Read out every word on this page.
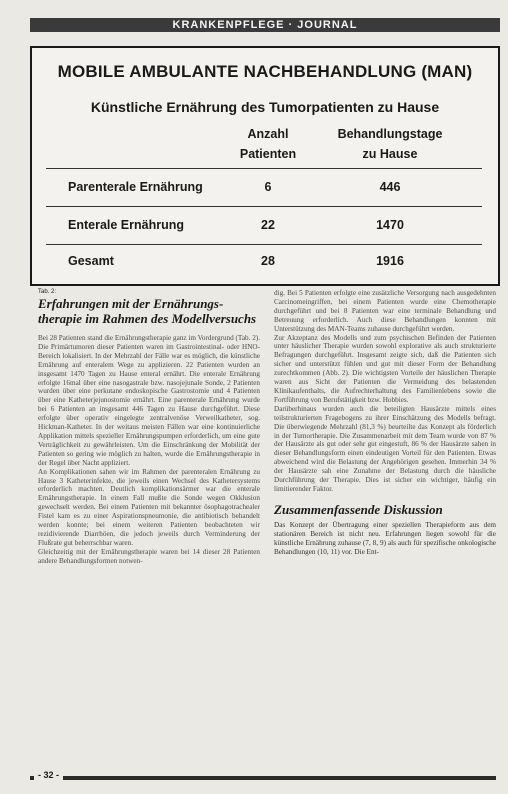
KRANKENPFLEGE · JOURNAL
MOBILE AMBULANTE NACHBEHANDLUNG (MAN)
Künstliche Ernährung des Tumorpatienten zu Hause
Anzahl
Patienten
Behandlungstage
zu Hause
Parenterale Ernährung	6	446
Enterale Ernährung	22	1470
Gesamt	28	1916
Tab. 2:
Erfahrungen mit der Ernährungstherapie im Rahmen des Modellversuchs

Bei 28 Patienten stand die Ernährungstherapie ganz im Vordergrund (Tab. 2). Die Primärtumoren dieser Patienten waren im Gastrointestinal- oder HNO-Bereich lokalisiert. In der Mehrzahl der Fälle war es möglich, die künstliche Ernährung auf enteralem Wege zu applizieren. 22 Patienten wurden an insgesamt 1470 Tagen zu Hause enteral ernährt. Die enterale Ernährung erfolgte 16mal über eine nasogastrale bzw. nasojejunale Sonde, 2 Patienten wurden über eine perkutane endoskopische Gastrostomie und 4 Patienten über eine Katheterjejunostomie ernährt. Eine parenterale Ernährung wurde bei 6 Patienten an insgesamt 446 Tagen zu Hause durchgeführt. Diese erfolgte über operativ eingelegte zentralvenöse Verweilkatheter, sog. Hickman-Katheter. In der weitaus meisten Fällen war eine kontinuierliche Applikation mittels spezieller Ernährungspumpen erforderlich, um eine gute Verträglichkeit zu gewährleisten. Um die Einschränkung der Mobilität der Patienten so gering wie möglich zu halten, wurde die Ernährungstherapie in der Regel über Nacht appliziert.

An Komplikationen sahen wir im Rahmen der parenteralen Ernährung zu Hause 3 Katheterinfekte, die jeweils einen Wechsel des Kathetersystems erforderlich machten. Deutlich komplikationsärmer war die enterale Ernährungstherapie. In einem Fall mußte die Sonde wegen Okklusion gewechselt werden. Bei einem Patienten mit bekannter ösophagotrachealer Fistel kam es zu einer Aspirationspneumonie, die antibiotisch behandelt werden konnte; bei einem weiteren Patienten beobachteten wir rezidivierende Diarrhöen, die jedoch jeweils durch Verminderung der Flußrate gut beherrschbar waren.

Gleichzeitig mit der Ernährungstherapie waren bei 14 dieser 28 Patienten andere Behandlungsformen notwen-

dig. Bei 5 Patienten erfolgte eine zusätzliche Versorgung nach ausgedehnten Carcinomeingriffen, bei einem Patienten wurde eine Chemotherapie durchgeführt und bei 8 Patienten war eine terminale Behandlung und Betreuung erforderlich. Auch diese Behandlungen konnten mit Unterstützung des MAN-Teams zuhause durchgeführt werden.

Zur Akzeptanz des Modells und zum psychischen Befinden der Patienten unter häuslicher Therapie wurden sowohl explorative als auch strukturierte Befragungen durchgeführt. Insgesamt zeigte sich, daß die Patienten sich sicher und unterstützt fühlen und gut mit dieser Form der Behandlung zurechtkommen (Abb. 2). Die wichtigsten Vorteile der häuslichen Therapie waren aus Sicht der Patienten die Vermeidung des belastenden Klinikaufenthalts, die Aufrechterhaltung des Familienlebens sowie die Fortführung von Berufstätigkeit bzw. Hobbies.

Darüberhinaus wurden auch die beteiligten Hausärzte mittels eines teilstrukturierten Fragebogens zu ihrer Einschätzung des Modells befragt. Die überwiegende Mehrzahl (81,3 %) beurteilte das Konzept als förderlich in der Tumortherapie. Die Zusammenarbeit mit dem Team wurde von 87 % der Hausärzte als gut oder sehr gut eingestuft, 86 % der Hausärzte sahen in dieser Behandlungsform einen eindeutigen Vorteil für den Patienten. Etwas abweichend wird die Belastung der Angehörigen gesehen. Immerhin 34 % der Hausärzte sah eine Zunahme der Belastung durch die häusliche Durchführung der Therapie. Dies ist sicher ein wichtiger, häufig ein limitierender Faktor.

Zusammenfassende Diskussion

Das Konzept der Übertragung einer speziellen Therapieform aus dem stationären Bereich ist nicht neu. Erfahrungen liegen sowohl für die künstliche Ernährung zuhause (7, 8, 9) als auch für spezifische onkologische Behandlungen (10, 11) vor. Die Ent-

- 32 -
